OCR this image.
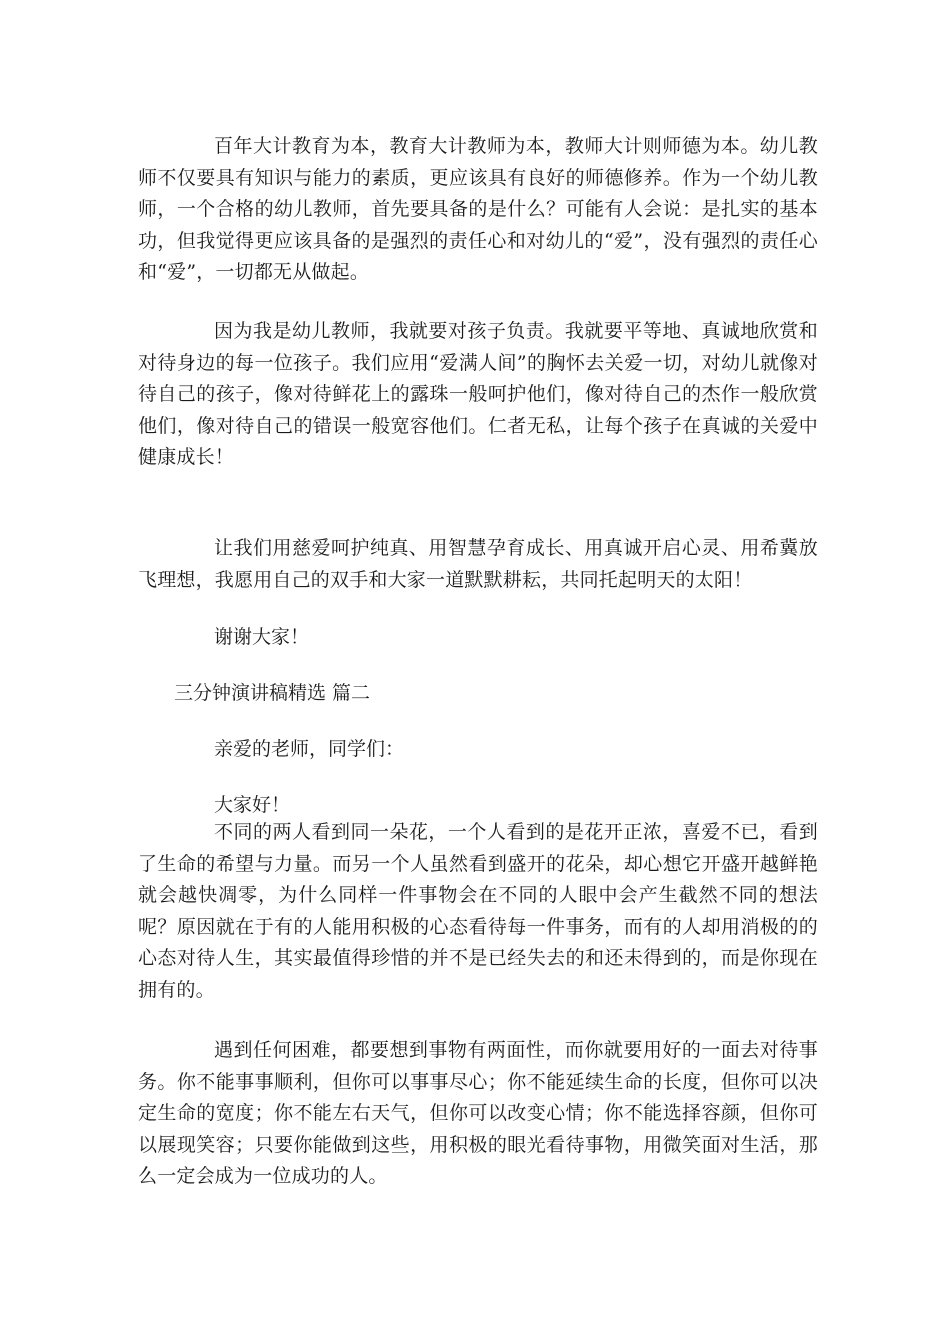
百年大计教育为本，教育大计教师为本，教师大计则师德为本。幼儿教师不仅要具有知识与能力的素质，更应该具有良好的师德修养。作为一个幼儿教师，一个合格的幼儿教师，首先要具备的是什么？可能有人会说：是扎实的基本功，但我觉得更应该具备的是强烈的责任心和对幼儿的“爱”，没有强烈的责任心和“爱”，一切都无从做起。

因为我是幼儿教师，我就要对孩子负责。我就要平等地、真诚地欣赏和对待身边的每一位孩子。我们应用“爱满人间”的胸怀去关爱一切，对幼儿就像对待自己的孩子，像对待鲜花上的露珠一般呵护他们，像对待自己的杰作一般欣赏他们，像对待自己的错误一般宽容他们。仁者无私，让每个孩子在真诚的关爱中健康成长！

让我们用慈爱呵护纯真、用智慧孕育成长、用真诚开启心灵、用希冀放飞理想，我愿用自己的双手和大家一道默默耕耘，共同托起明天的太阳！

谢谢大家！

三分钟演讲稿精选 篇二

亲爱的老师，同学们：

大家好！

不同的两人看到同一朵花，一个人看到的是花开正浓，喜爱不已，看到了生命的希望与力量。而另一个人虽然看到盛开的花朵，却心想它开盛开越鲜艳就会越快凋零，为什么同样一件事物会在不同的人眼中会产生截然不同的想法呢？原因就在于有的人能用积极的心态看待每一件事务，而有的人却用消极的的心态对待人生，其实最值得珍惜的并不是已经失去的和还未得到的，而是你现在拥有的。

遇到任何困难，都要想到事物有两面性，而你就要用好的一面去对待事务。你不能事事顺利，但你可以事事尽心；你不能延续生命的长度，但你可以决定生命的宽度；你不能左右天气，但你可以改变心情；你不能选择容颜，但你可以展现笑容；只要你能做到这些，用积极的眼光看待事物，用微笑面对生活，那么一定会成为一位成功的人。
